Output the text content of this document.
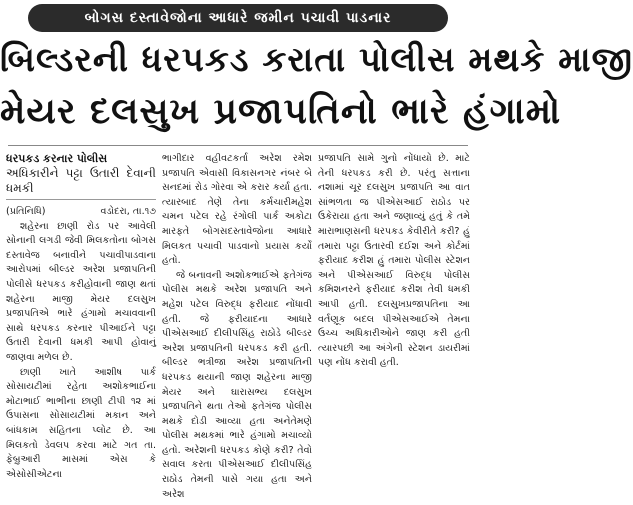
બોગસ દસ્તાવેજોના આધારે જમીન પચાવી પાડનાર
બિલ્ડરની ધરપકડ કરાતા પોલીસ મથકે માજી
મેયર દલસુખ પ્રજાપતિનો ભારે હંગામો

ધરપકડ કરનાર પોલીસ

અધિકારીને પટ્ટા ઉતારી દેવાની ધમકી

(પ્રતિનિધિ)	વડોદરા, તા.૧૭

શહેરના છાણી રોડ પર આવેલી સોનાની લગડી જેવી મિલકતોના બોગસ દસ્તાવેજ બનાવીને પચાવીપાડવાના આરોપમાં બીલ્ડર અરેશ પ્રજાપતિની પોલીસે ધરપકડ કરીહોવાની જાણ થતાં શહેરના માજી મેયર દલસુખ પ્રજાપતિએ ભારે હંગામો મચાવવાની સાથે ધરપકડ કરનાર પીઆઈને પટ્ટા ઉતારી દેવાની ધમકી આપી હોવાનું જાણવા મળેલ છે.

છાણી ખાતે આશીષ પાર્ક સોસાયટીમાં રહેતા અશોકભાઈના મોટાભાઈ ભાભીના છાણી ટીપી ૧૨ માં ઉપાસના સોસાયટીમાં મકાન અને બાંધકામ સહિતના પ્લોટ છે. આ મિલકતો ડેવલપ કરવા માટે ગત તા. ફેબ્રુઆરી માસમાં એસ કે એસોસીએટના

ભાગીદાર વહીવટકર્તા અરેશ રમેશ પ્રજાપતિ એવાસી વિકાસનગર નંબર બે સનદમાં રોડ ગોરવા એ કરાર કર્યા હતા. ત્યારબાદ તેણે તેના કર્મચારીમહેશ ચમન પટેલ રહે રંગોલી પાર્ક અકોટા મારફતે બોગસદસ્તાવેજોના આધારે મિલકત પચાવી પાડવાનો પ્રયાસ કર્યો હતો.

જે બનાવની અશોકભાઈએ ફતેગંજ પોલીસ મથકે અરેશ પ્રજાપતિ અને મહેશ પટેલ વિરુદ્ધ ફરીયાદ નોંધાવી હતી. જે ફરીયાદના આધારે પીએસઆઈ દીલીપસિંહ રાઠોડે બીલ્ડર અરેશ પ્રજાપતિની ધરપકડ કરી હતી. બીલ્ડર ભત્રીજા અરેશ પ્રજાપતિની ધરપકડ થયાની જાણ શહેરના માજી મેયર અને ઘારાસભ્ય દલસુખ પ્રજાપતિને થતા તેઓ ફતેગંજ પોલીસ મથકે દોડી આવ્યા હતા અનેતેમણે પોલીસ મથકમાં ભારે હંગામો મચાવ્યો હતો. અરેશની ધરપકડ કોણે કરી? તેવો સવાલ કરતા પીએસઆઈ દીલીપસિંહ રાઠોડ તેમની પાસે ગયા હતા અને અરેશ

પ્રજાપતિ સામે ગુનો નોંધાયો છે. માટે તેની ધરપકડ કરી છે. પરંતુ સત્તાના નશામાં ચૂર દલસુખ પ્રજાપતિ આ વાત સાંભળતા જ પીએસઆઈ રાઠોડ પર ઉકેરાયા હતા અને જણાવ્યું હતું કે તમે મારાભાણસની ધરપકડ કેવીરીતે કરી? હું તમારા પટ્ટા ઉતારવી દઈશ અને કોર્ટમાં ફરીયાદ કરીશ હું તમારા પોલીસ સ્ટેશન અને પીએસઆઈ વિરુદ્ધ પોલીસ કમિશનરને ફરીયાદ કરીશ તેવી ધમકી આપી હતી. દલસુખપ્રજાપતિના આ વર્તણૂક બદલ પીએસઆઈએ તેમના ઉચ્ચ અધિકારીઓને જાણ કરી હતી ત્યારપછી આ અંગેની સ્ટેશન ડાયરીમાં પણ નોંધ કરાવી હતી.
